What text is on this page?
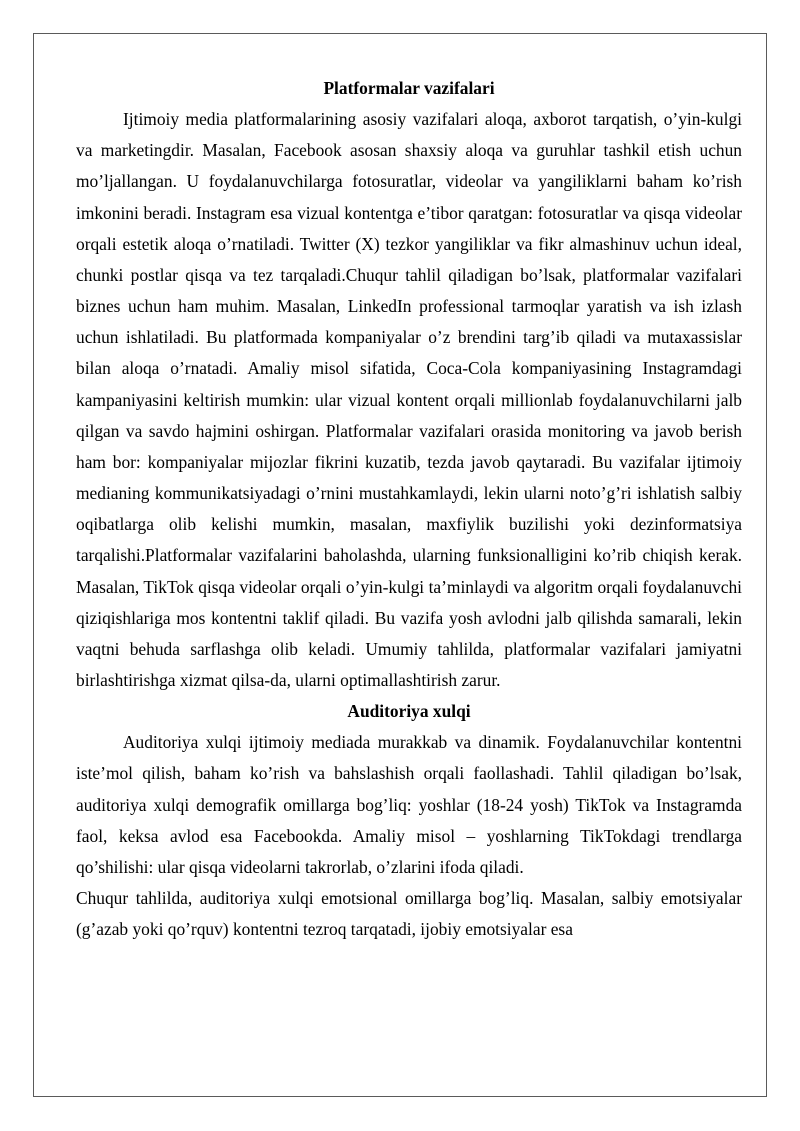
Platformalar vazifalari

Ijtimoiy media platformalarining asosiy vazifalari aloqa, axborot tarqatish, o’yin-kulgi va marketingdir. Masalan, Facebook asosan shaxsiy aloqa va guruhlar tashkil etish uchun mo’ljallangan. U foydalanuvchilarga fotosuratlar, videolar va yangiliklarni baham ko’rish imkonini beradi. Instagram esa vizual kontentga e’tibor qaratgan: fotosuratlar va qisqa videolar orqali estetik aloqa o’rnatiladi. Twitter (X) tezkor yangiliklar va fikr almashinuv uchun ideal, chunki postlar qisqa va tez tarqaladi.Chuqur tahlil qiladigan bo’lsak, platformalar vazifalari biznes uchun ham muhim. Masalan, LinkedIn professional tarmoqlar yaratish va ish izlash uchun ishlatiladi. Bu platformada kompaniyalar o’z brendini targ’ib qiladi va mutaxassislar bilan aloqa o’rnatadi. Amaliy misol sifatida, Coca-Cola kompaniyasining Instagramdagi kampaniyasini keltirish mumkin: ular vizual kontent orqali millionlab foydalanuvchilarni jalb qilgan va savdo hajmini oshirgan. Platformalar vazifalari orasida monitoring va javob berish ham bor: kompaniyalar mijozlar fikrini kuzatib, tezda javob qaytaradi. Bu vazifalar ijtimoiy medianing kommunikatsiyadagi o’rnini mustahkamlaydi, lekin ularni noto’g’ri ishlatish salbiy oqibatlarga olib kelishi mumkin, masalan, maxfiylik buzilishi yoki dezinformatsiya tarqalishi.Platformalar vazifalarini baholashda, ularning funksionalligini ko’rib chiqish kerak. Masalan, TikTok qisqa videolar orqali o’yin-kulgi ta’minlaydi va algoritm orqali foydalanuvchi qiziqishlariga mos kontentni taklif qiladi. Bu vazifa yosh avlodni jalb qilishda samarali, lekin vaqtni behuda sarflashga olib keladi. Umumiy tahlilda, platformalar vazifalari jamiyatni birlashtirishga xizmat qilsa-da, ularni optimallashtirish zarur.

Auditoriya xulqi

Auditoriya xulqi ijtimoiy mediada murakkab va dinamik. Foydalanuvchilar kontentni iste’mol qilish, baham ko’rish va bahslashish orqali faollashadi. Tahlil qiladigan bo’lsak, auditoriya xulqi demografik omillarga bog’liq: yoshlar (18-24 yosh) TikTok va Instagramda faol, keksa avlod esa Facebookda. Amaliy misol – yoshlarning TikTokdagi trendlarga qo’shilishi: ular qisqa videolarni takrorlab, o’zlarini ifoda qiladi.

Chuqur tahlilda, auditoriya xulqi emotsional omillarga bog’liq. Masalan, salbiy emotsiyalar (g’azab yoki qo’rquv) kontentni tezroq tarqatadi, ijobiy emotsiyalar esa
